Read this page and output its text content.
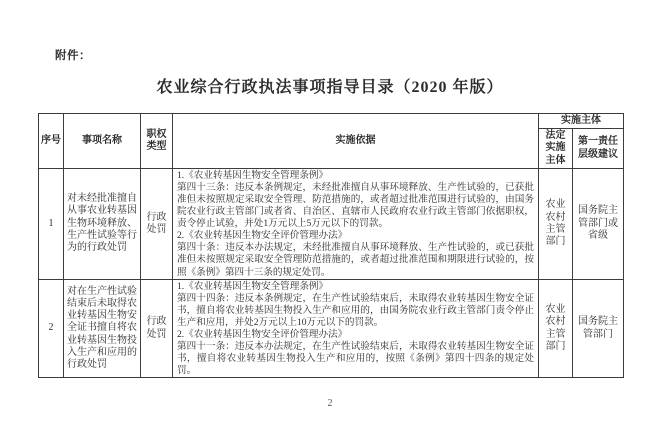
附件：
农业综合行政执法事项指导目录（2020 年版）
序号	事项名称	职权类型	实施依据	实施主体	
				法定实施主体	第一责任层级建议
1	对未经批准擅自从事农业转基因生物环境释放、生产性试验等行为的行政处罚	行政处罚	1.《农业转基因生物安全管理条例》

第四十三条：违反本条例规定，未经批准擅自从事环境释放、生产性试验的，已获批准但未按照规定采取安全管理、防范措施的，或者超过批准范围进行试验的，由国务院农业行政主管部门或者省、自治区、直辖市人民政府农业行政主管部门依据职权，责令停止试验，并处1万元以上5万元以下的罚款。

2.《农业转基因生物安全评价管理办法》

第四十条：违反本办法规定，未经批准擅自从事环境释放、生产性试验的，或已获批准但未按照规定采取安全管理防范措施的，或者超过批准范围和期限进行试验的，按照《条例》第四十三条的规定处罚。	农业农村主管部门	国务院主管部门或省级
2	对在生产性试验结束后未取得农业转基因生物安全证书擅自将农业转基因生物投入生产和应用的行政处罚	行政处罚	1.《农业转基因生物安全管理条例》

第四十四条：违反本条例规定，在生产性试验结束后，未取得农业转基因生物安全证书，擅自将农业转基因生物投入生产和应用的，由国务院农业行政主管部门责令停止生产和应用，并处2万元以上10万元以下的罚款。

2.《农业转基因生物安全评价管理办法》

第四十一条：违反本办法规定，在生产性试验结束后，未取得农业转基因生物安全证书，擅自将农业转基因生物投入生产和应用的，按照《条例》第四十四条的规定处罚。	农业农村主管部门	国务院主管部门
2
